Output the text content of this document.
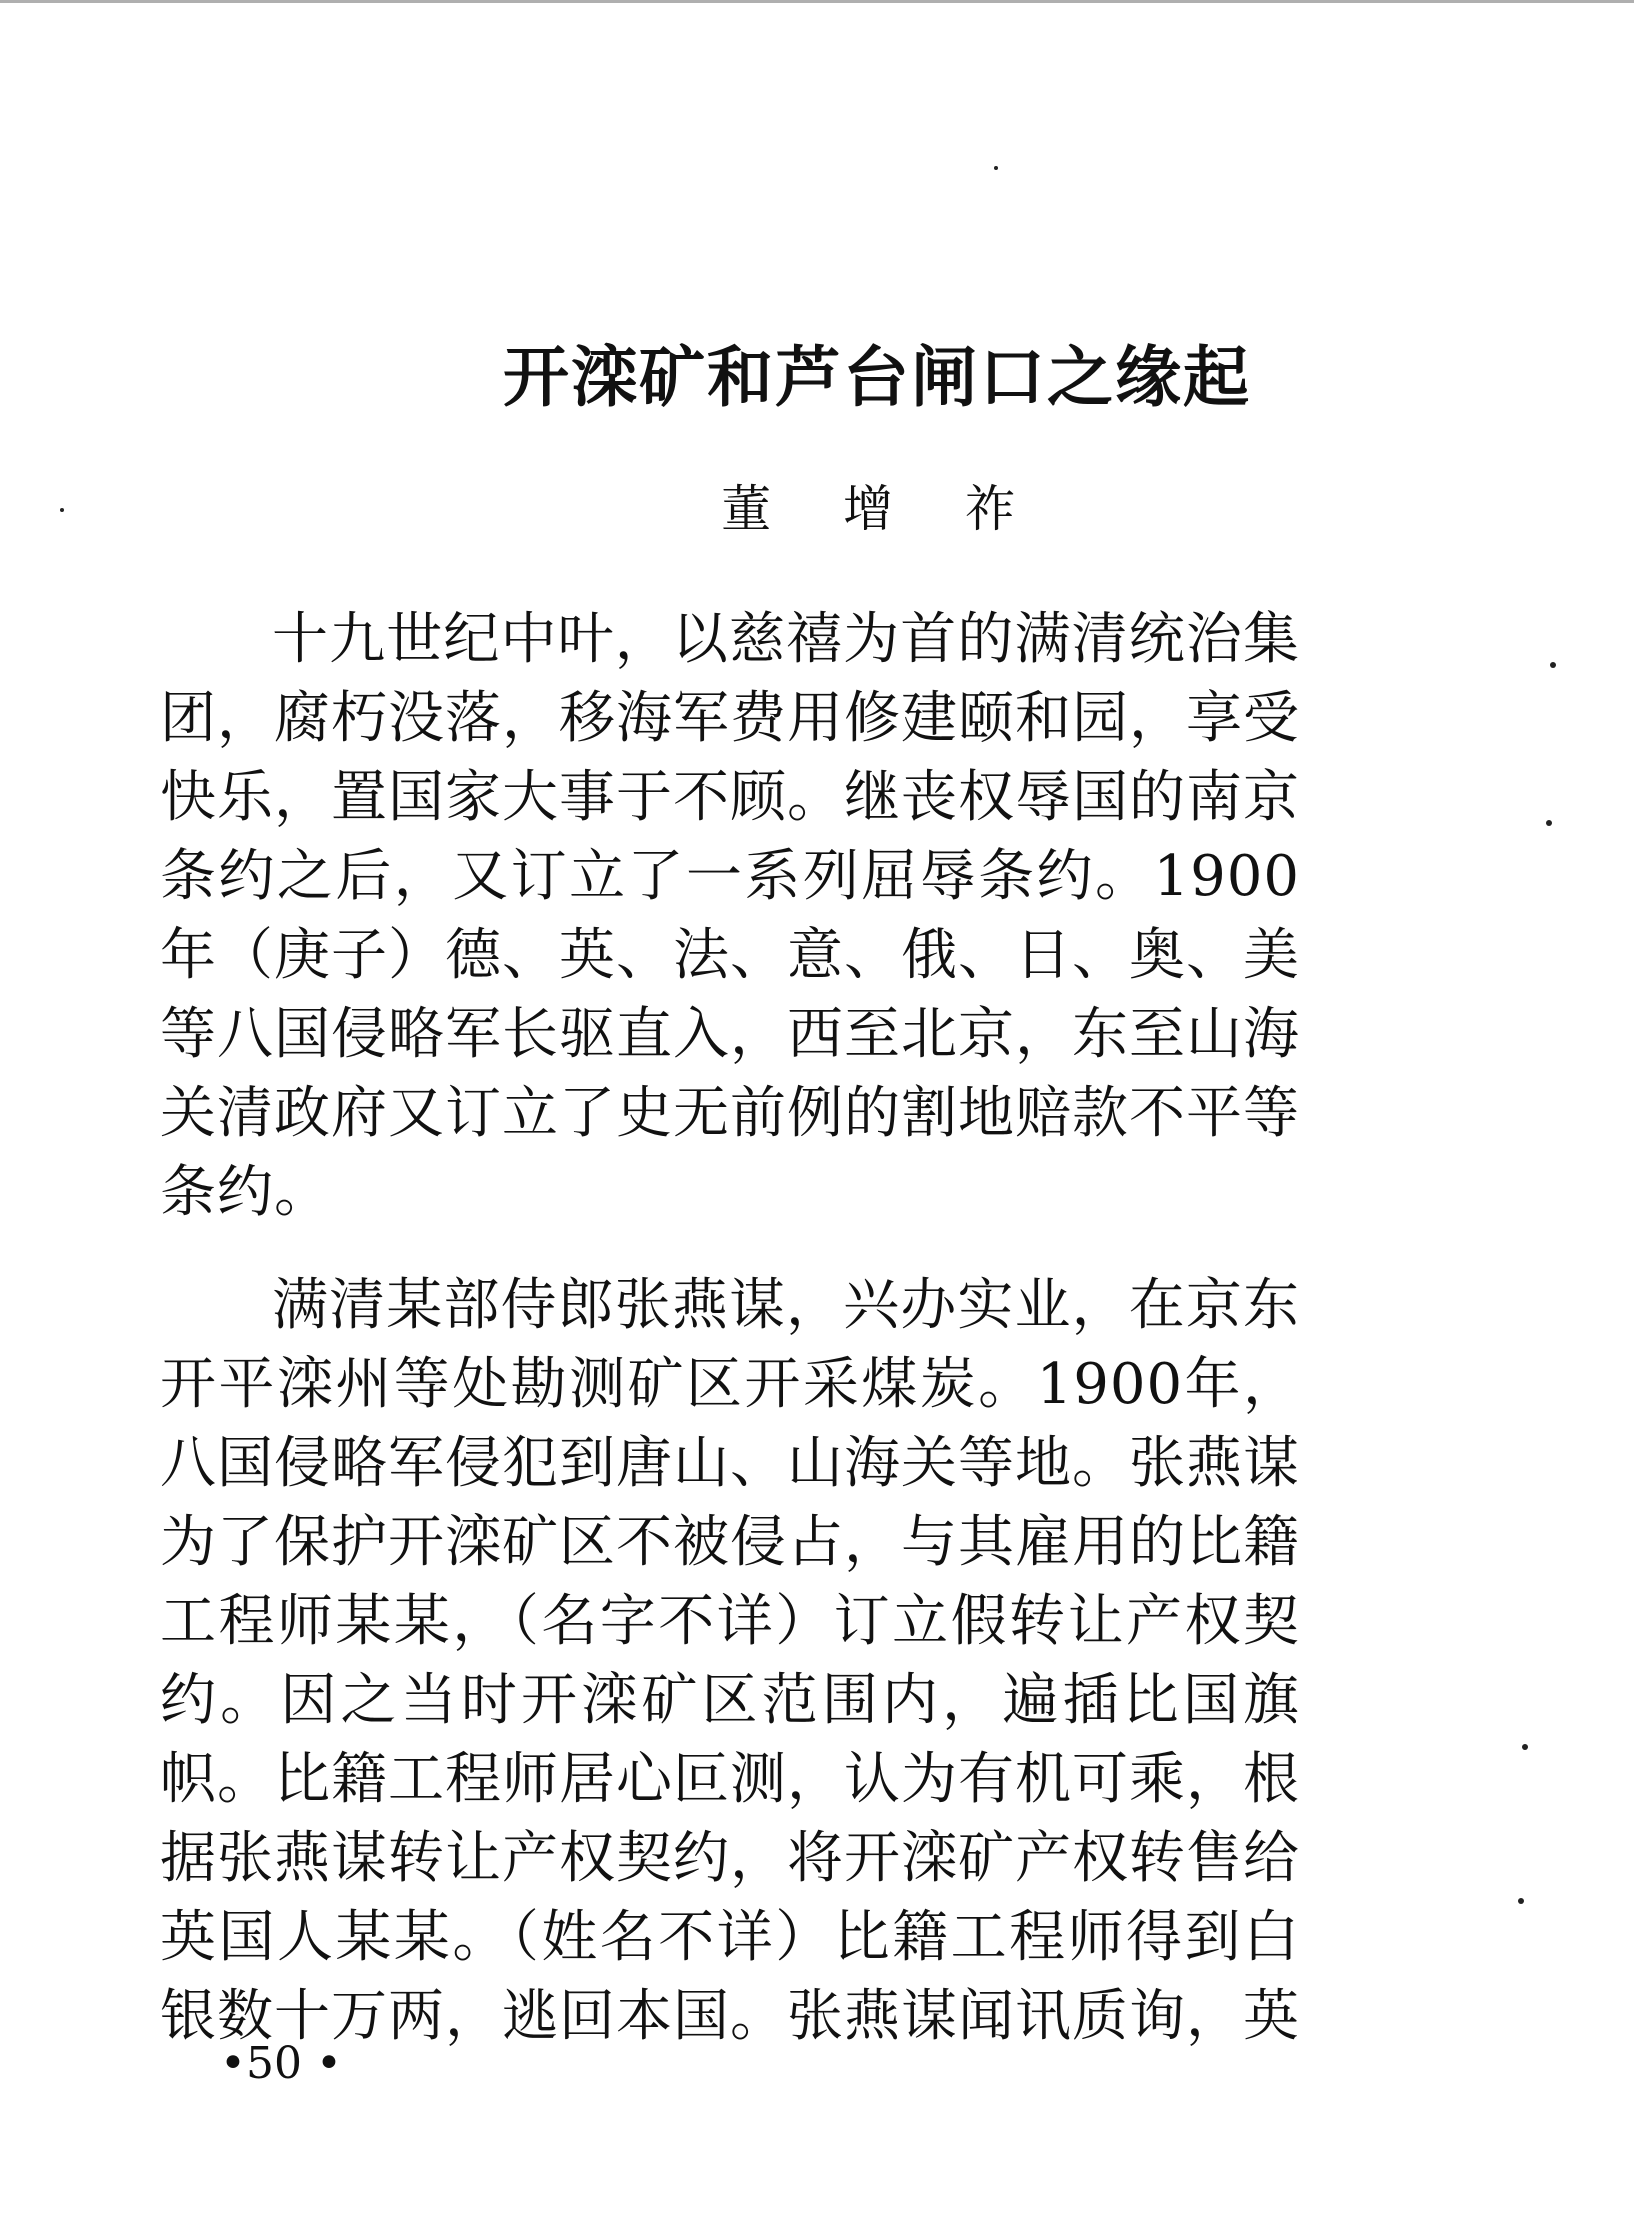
开滦矿和芦台闸口之缘起

董 增 祚

十九世纪中叶，以慈禧为首的满清统治集团，腐朽没落，移海军费用修建颐和园，享受快乐，置国家大事于不顾。继丧权辱国的南京条约之后，又订立了一系列屈辱条约。1900年（庚子）德、英、法、意、俄、日、奥、美等八国侵略军长驱直入，西至北京，东至山海关清政府又订立了史无前例的割地赔款不平等条约。

满清某部侍郎张燕谋，兴办实业，在京东开平滦州等处勘测矿区开采煤炭。1900年，八国侵略军侵犯到唐山、山海关等地。张燕谋为了保护开滦矿区不被侵占，与其雇用的比籍工程师某某，（名字不详）订立假转让产权契约。因之当时开滦矿区范围内，遍插比国旗帜。比籍工程师居心叵测，认为有机可乘，根据张燕谋转让产权契约，将开滦矿产权转售给英国人某某。（姓名不详）比籍工程师得到白银数十万两，逃回本国。张燕谋闻讯质询，英

• 50 •
